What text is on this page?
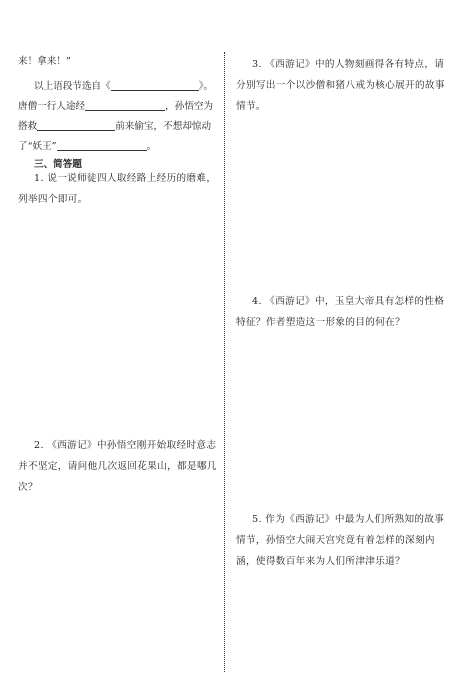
来！拿来！”
以上语段节选自《	》。
唐僧一行人途经	，孙悟空为
搭救	前来偷宝，不想却惊动
了“妖王”	。
三、简答题
1. 说一说师徒四人取经路上经历的磨难，列举四个即可。
2. 《西游记》中孙悟空刚开始取经时意志并不坚定，请问他几次返回花果山，都是哪几次？
3. 《西游记》中的人物刻画得各有特点，请分别写出一个以沙僧和猪八戒为核心展开的故事情节。
4. 《西游记》中，玉皇大帝具有怎样的性格特征？作者塑造这一形象的目的何在？
5. 作为《西游记》中最为人们所熟知的故事情节，孙悟空大闹天宫究竟有着怎样的深刻内涵，使得数百年来为人们所津津乐道？
